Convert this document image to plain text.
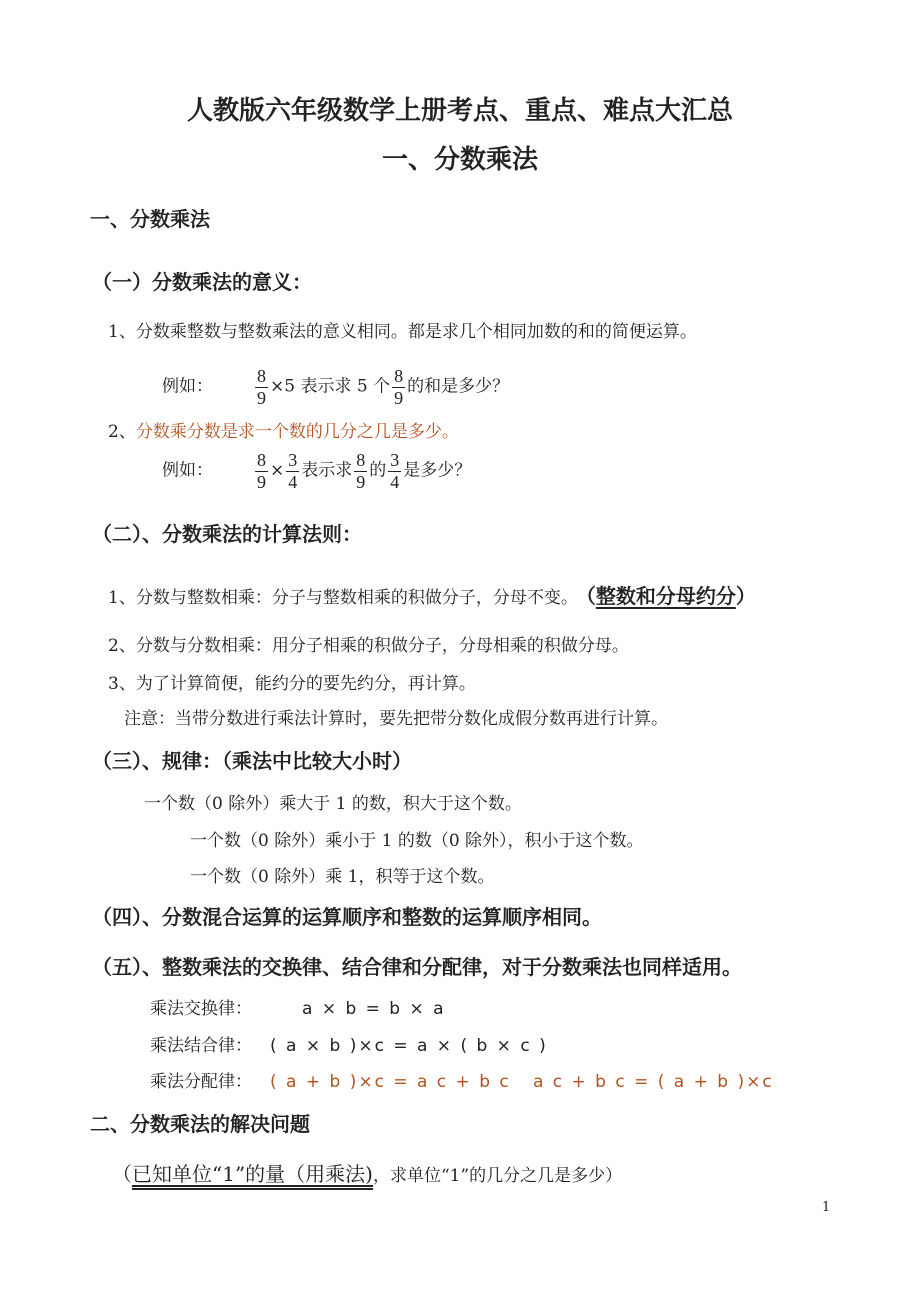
人教版六年级数学上册考点、重点、难点大汇总
一、分数乘法
一、分数乘法
（一）分数乘法的意义：
1、分数乘整数与整数乘法的意义相同。都是求几个相同加数的和的简便运算。
例如： $\frac{8}{9} \times 5$ 表示求 5 个 $\frac{8}{9}$ 的和是多少？
2、分数乘分数是求一个数的几分之几是多少。
例如： $\frac{8}{9} \times \frac{3}{4}$ 表示求 $\frac{8}{9}$ 的 $\frac{3}{4}$ 是多少？
（二）、分数乘法的计算法则：
1、分数与整数相乘：分子与整数相乘的积做分子，分母不变。 （整数和分母约分）
2、分数与分数相乘：用分子相乘的积做分子，分母相乘的积做分母。
3、为了计算简便，能约分的要先约分，再计算。
注意：当带分数进行乘法计算时，要先把带分数化成假分数再进行计算。
（三）、规律：（乘法中比较大小时）
一个数（0 除外）乘大于 1 的数，积大于这个数。
一个数（0 除外）乘小于 1 的数（0 除外），积小于这个数。
一个数（0 除外）乘 1，积等于这个数。
（四）、分数混合运算的运算顺序和整数的运算顺序相同。
（五）、整数乘法的交换律、结合律和分配律，对于分数乘法也同样适用。
乘法交换律：	a × b = b × a
乘法结合律： ( a × b )×c = a × ( b × c )
乘法分配律： ( a + b )×c = a c + b c   a c + b c = ( a + b )×c
二、分数乘法的解决问题
（已知单位“1”的量（用乘法)，求单位“1”的几分之几是多少）
1
